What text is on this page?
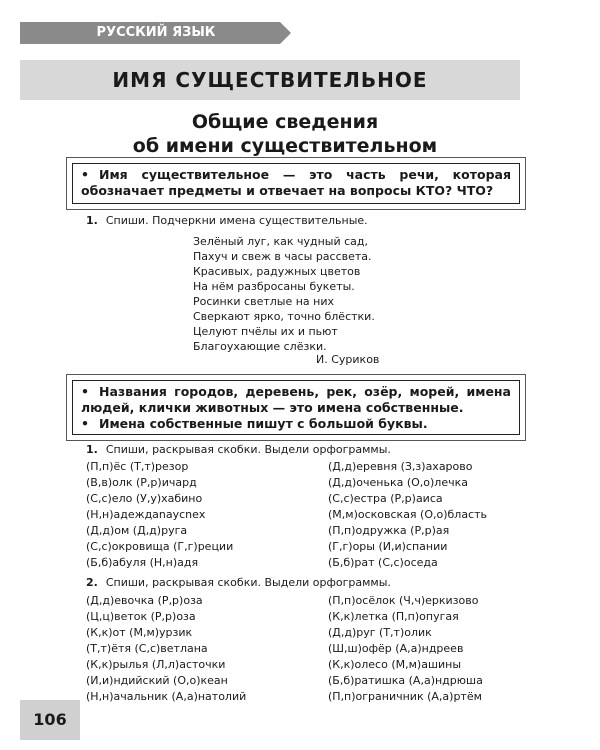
РУССКИЙ ЯЗЫК
ИМЯ СУЩЕСТВИТЕЛЬНОЕ
Общие сведения
об имени существительном

• Имя существительное — это часть речи, которая обозначает предметы и отвечает на вопросы КТО? ЧТО?

1. Спиши. Подчеркни имена существительные.
Зелёный луг, как чудный сад,
Пахуч и свеж в часы рассвета.
Красивых, радужных цветов
На нём разбросаны букеты.
Росинки светлые на них
Сверкают ярко, точно блёстки.
Целуют пчёлы их и пьют
Благоухающие слёзки.
И. Суриков

• Названия городов, деревень, рек, озёр, морей, имена людей, клички животных — это имена собственные.

• Имена собственные пишут с большой буквы.

1. Спиши, раскрывая скобки. Выдели орфограммы.
(П,п)ёс (Т,т)резор
(В,в)олк (Р,р)ичард
(С,с)ело (У,у)хабино
(Н,н)адеждаnаусnех
(Д,д)ом (Д,д)руга
(С,с)окровища (Г,г)реции
(Б,б)абуля (Н,н)адя
(Д,д)еревня (З,з)ахарово
(Д,д)оченька (О,о)лечка
(С,с)естра (Р,р)аиса
(М,м)осковская (О,о)бласть
(П,п)одружка (Р,р)ая
(Г,г)оры (И,и)спании
(Б,б)рат (С,с)оседа
2. Спиши, раскрывая скобки. Выдели орфограммы.
(Д,д)евочка (Р,р)оза
(Ц,ц)веток (Р,р)оза
(К,к)от (М,м)урзик
(Т,т)ётя (С,с)ветлана
(К,к)рылья (Л,л)асточки
(И,и)ндийский (О,о)кеан
(Н,н)ачальник (А,а)натолий
(П,п)осёлок (Ч,ч)еркизово
(К,к)летка (П,п)опугая
(Д,д)руг (Т,т)олик
(Ш,ш)офёр (А,а)ндреев
(К,к)олесо (М,м)ашины
(Б,б)ратишка (А,а)ндрюша
(П,п)ограничник (А,а)ртём
106
